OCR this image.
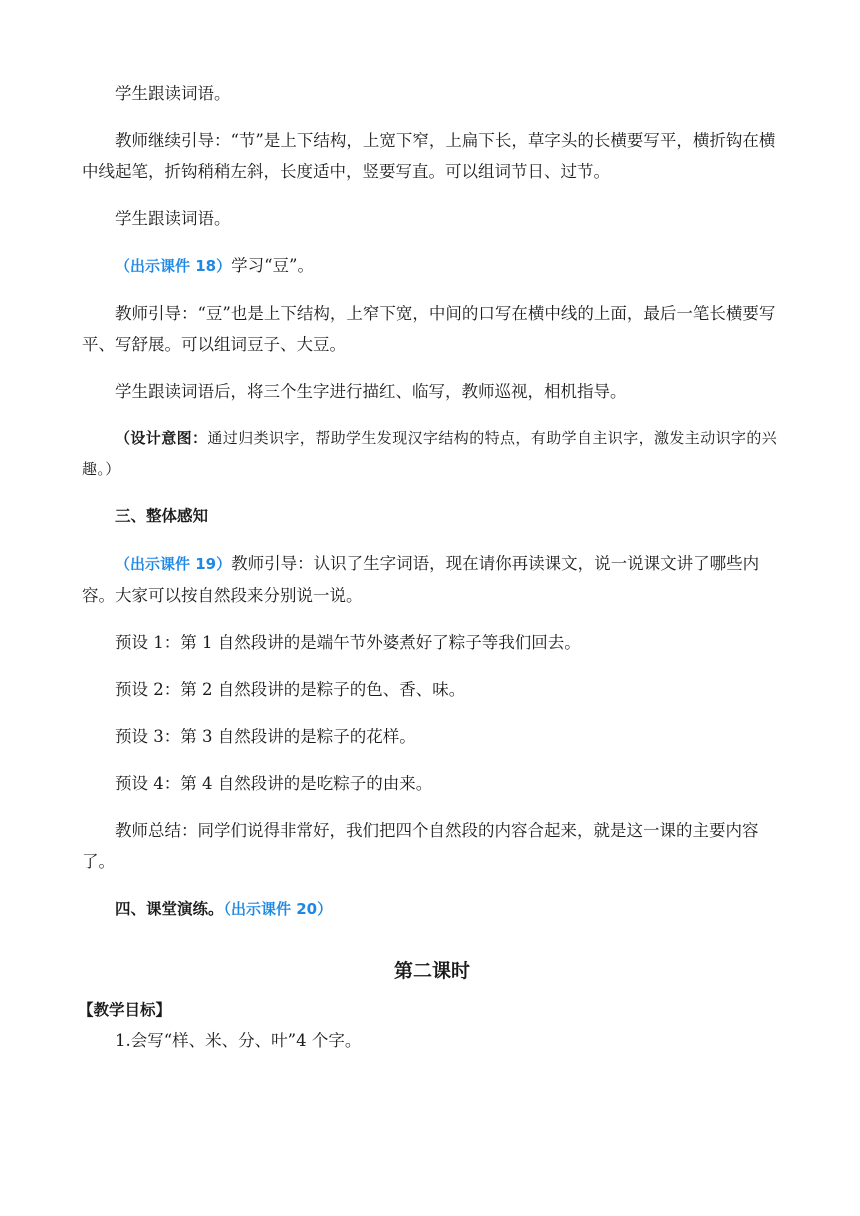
学生跟读词语。

教师继续引导：“节”是上下结构，上宽下窄，上扁下长，草字头的长横要写平，横折钩在横中线起笔，折钩稍稍左斜，长度适中，竖要写直。可以组词节日、过节。

学生跟读词语。

（出示课件 18）学习“豆”。

教师引导：“豆”也是上下结构，上窄下宽，中间的口写在横中线的上面，最后一笔长横要写平、写舒展。可以组词豆子、大豆。

学生跟读词语后，将三个生字进行描红、临写，教师巡视，相机指导。

（设计意图：通过归类识字，帮助学生发现汉字结构的特点，有助学自主识字，激发主动识字的兴趣。）

三、整体感知

（出示课件 19）教师引导：认识了生字词语，现在请你再读课文，说一说课文讲了哪些内容。大家可以按自然段来分别说一说。

预设 1：第 1 自然段讲的是端午节外婆煮好了粽子等我们回去。

预设 2：第 2 自然段讲的是粽子的色、香、味。

预设 3：第 3 自然段讲的是粽子的花样。

预设 4：第 4 自然段讲的是吃粽子的由来。

教师总结：同学们说得非常好，我们把四个自然段的内容合起来，就是这一课的主要内容了。

四、课堂演练。（出示课件 20）

第二课时
【教学目标】

1.会写“样、米、分、叶”4 个字。
